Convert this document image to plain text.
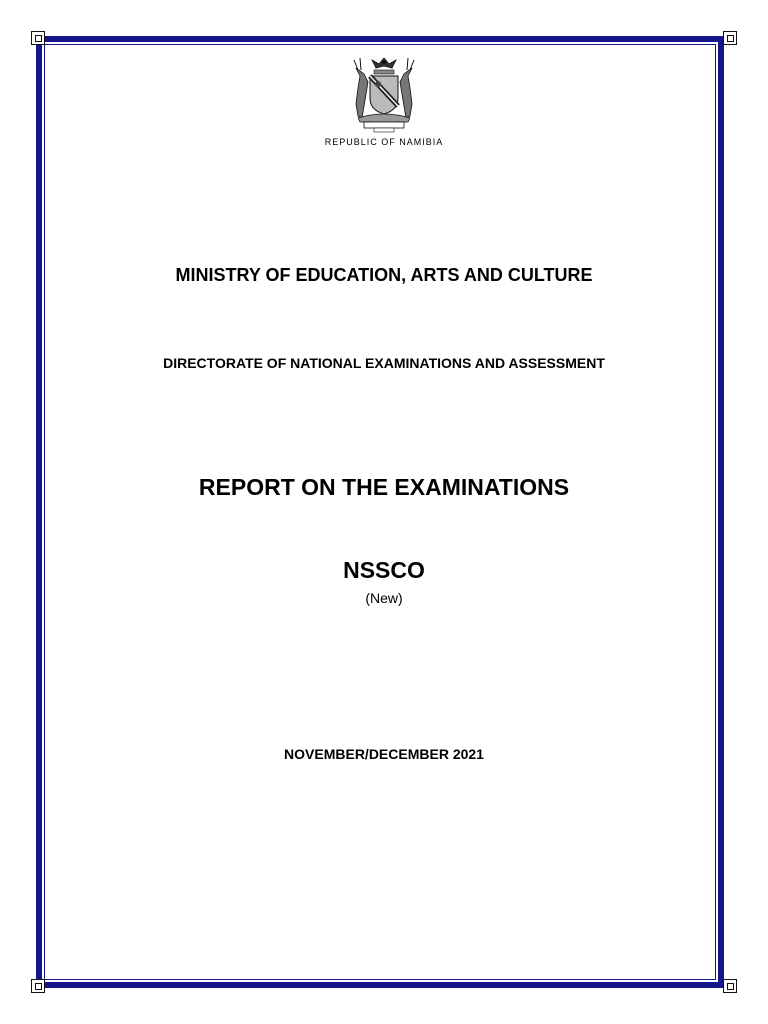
REPUBLIC OF NAMIBIA
MINISTRY OF EDUCATION, ARTS AND CULTURE
DIRECTORATE OF NATIONAL EXAMINATIONS AND ASSESSMENT
REPORT ON THE EXAMINATIONS
NSSCO
(New)
NOVEMBER/DECEMBER 2021
